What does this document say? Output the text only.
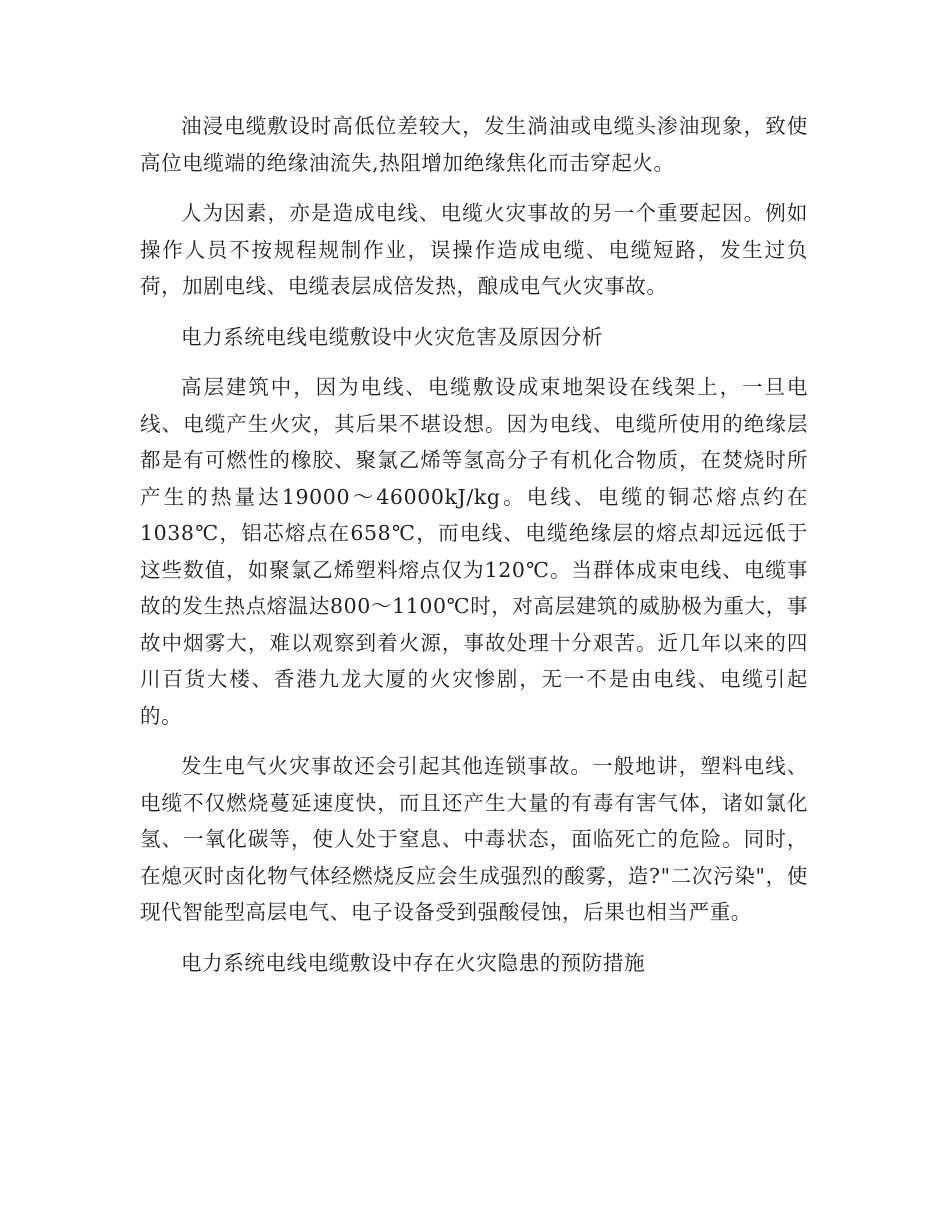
油浸电缆敷设时高低位差较大，发生淌油或电缆头渗油现象，致使高位电缆端的绝缘油流失,热阻增加绝缘焦化而击穿起火。

人为因素，亦是造成电线、电缆火灾事故的另一个重要起因。例如操作人员不按规程规制作业，误操作造成电缆、电缆短路，发生过负荷，加剧电线、电缆表层成倍发热，酿成电气火灾事故。

电力系统电线电缆敷设中火灾危害及原因分析

高层建筑中，因为电线、电缆敷设成束地架设在线架上，一旦电线、电缆产生火灾，其后果不堪设想。因为电线、电缆所使用的绝缘层都是有可燃性的橡胶、聚氯乙烯等氢高分子有机化合物质，在焚烧时所产生的热量达19000～46000kJ/kg。电线、电缆的铜芯熔点约在1038℃，铝芯熔点在658℃，而电线、电缆绝缘层的熔点却远远低于这些数值，如聚氯乙烯塑料熔点仅为120℃。当群体成束电线、电缆事故的发生热点熔温达800～1100℃时，对高层建筑的威胁极为重大，事故中烟雾大，难以观察到着火源，事故处理十分艰苦。近几年以来的四川百货大楼、香港九龙大厦的火灾惨剧，无一不是由电线、电缆引起的。

发生电气火灾事故还会引起其他连锁事故。一般地讲，塑料电线、电缆不仅燃烧蔓延速度快，而且还产生大量的有毒有害气体，诸如氯化氢、一氧化碳等，使人处于窒息、中毒状态，面临死亡的危险。同时，在熄灭时卤化物气体经燃烧反应会生成强烈的酸雾，造?"二次污染"，使现代智能型高层电气、电子设备受到强酸侵蚀，后果也相当严重。

电力系统电线电缆敷设中存在火灾隐患的预防措施
